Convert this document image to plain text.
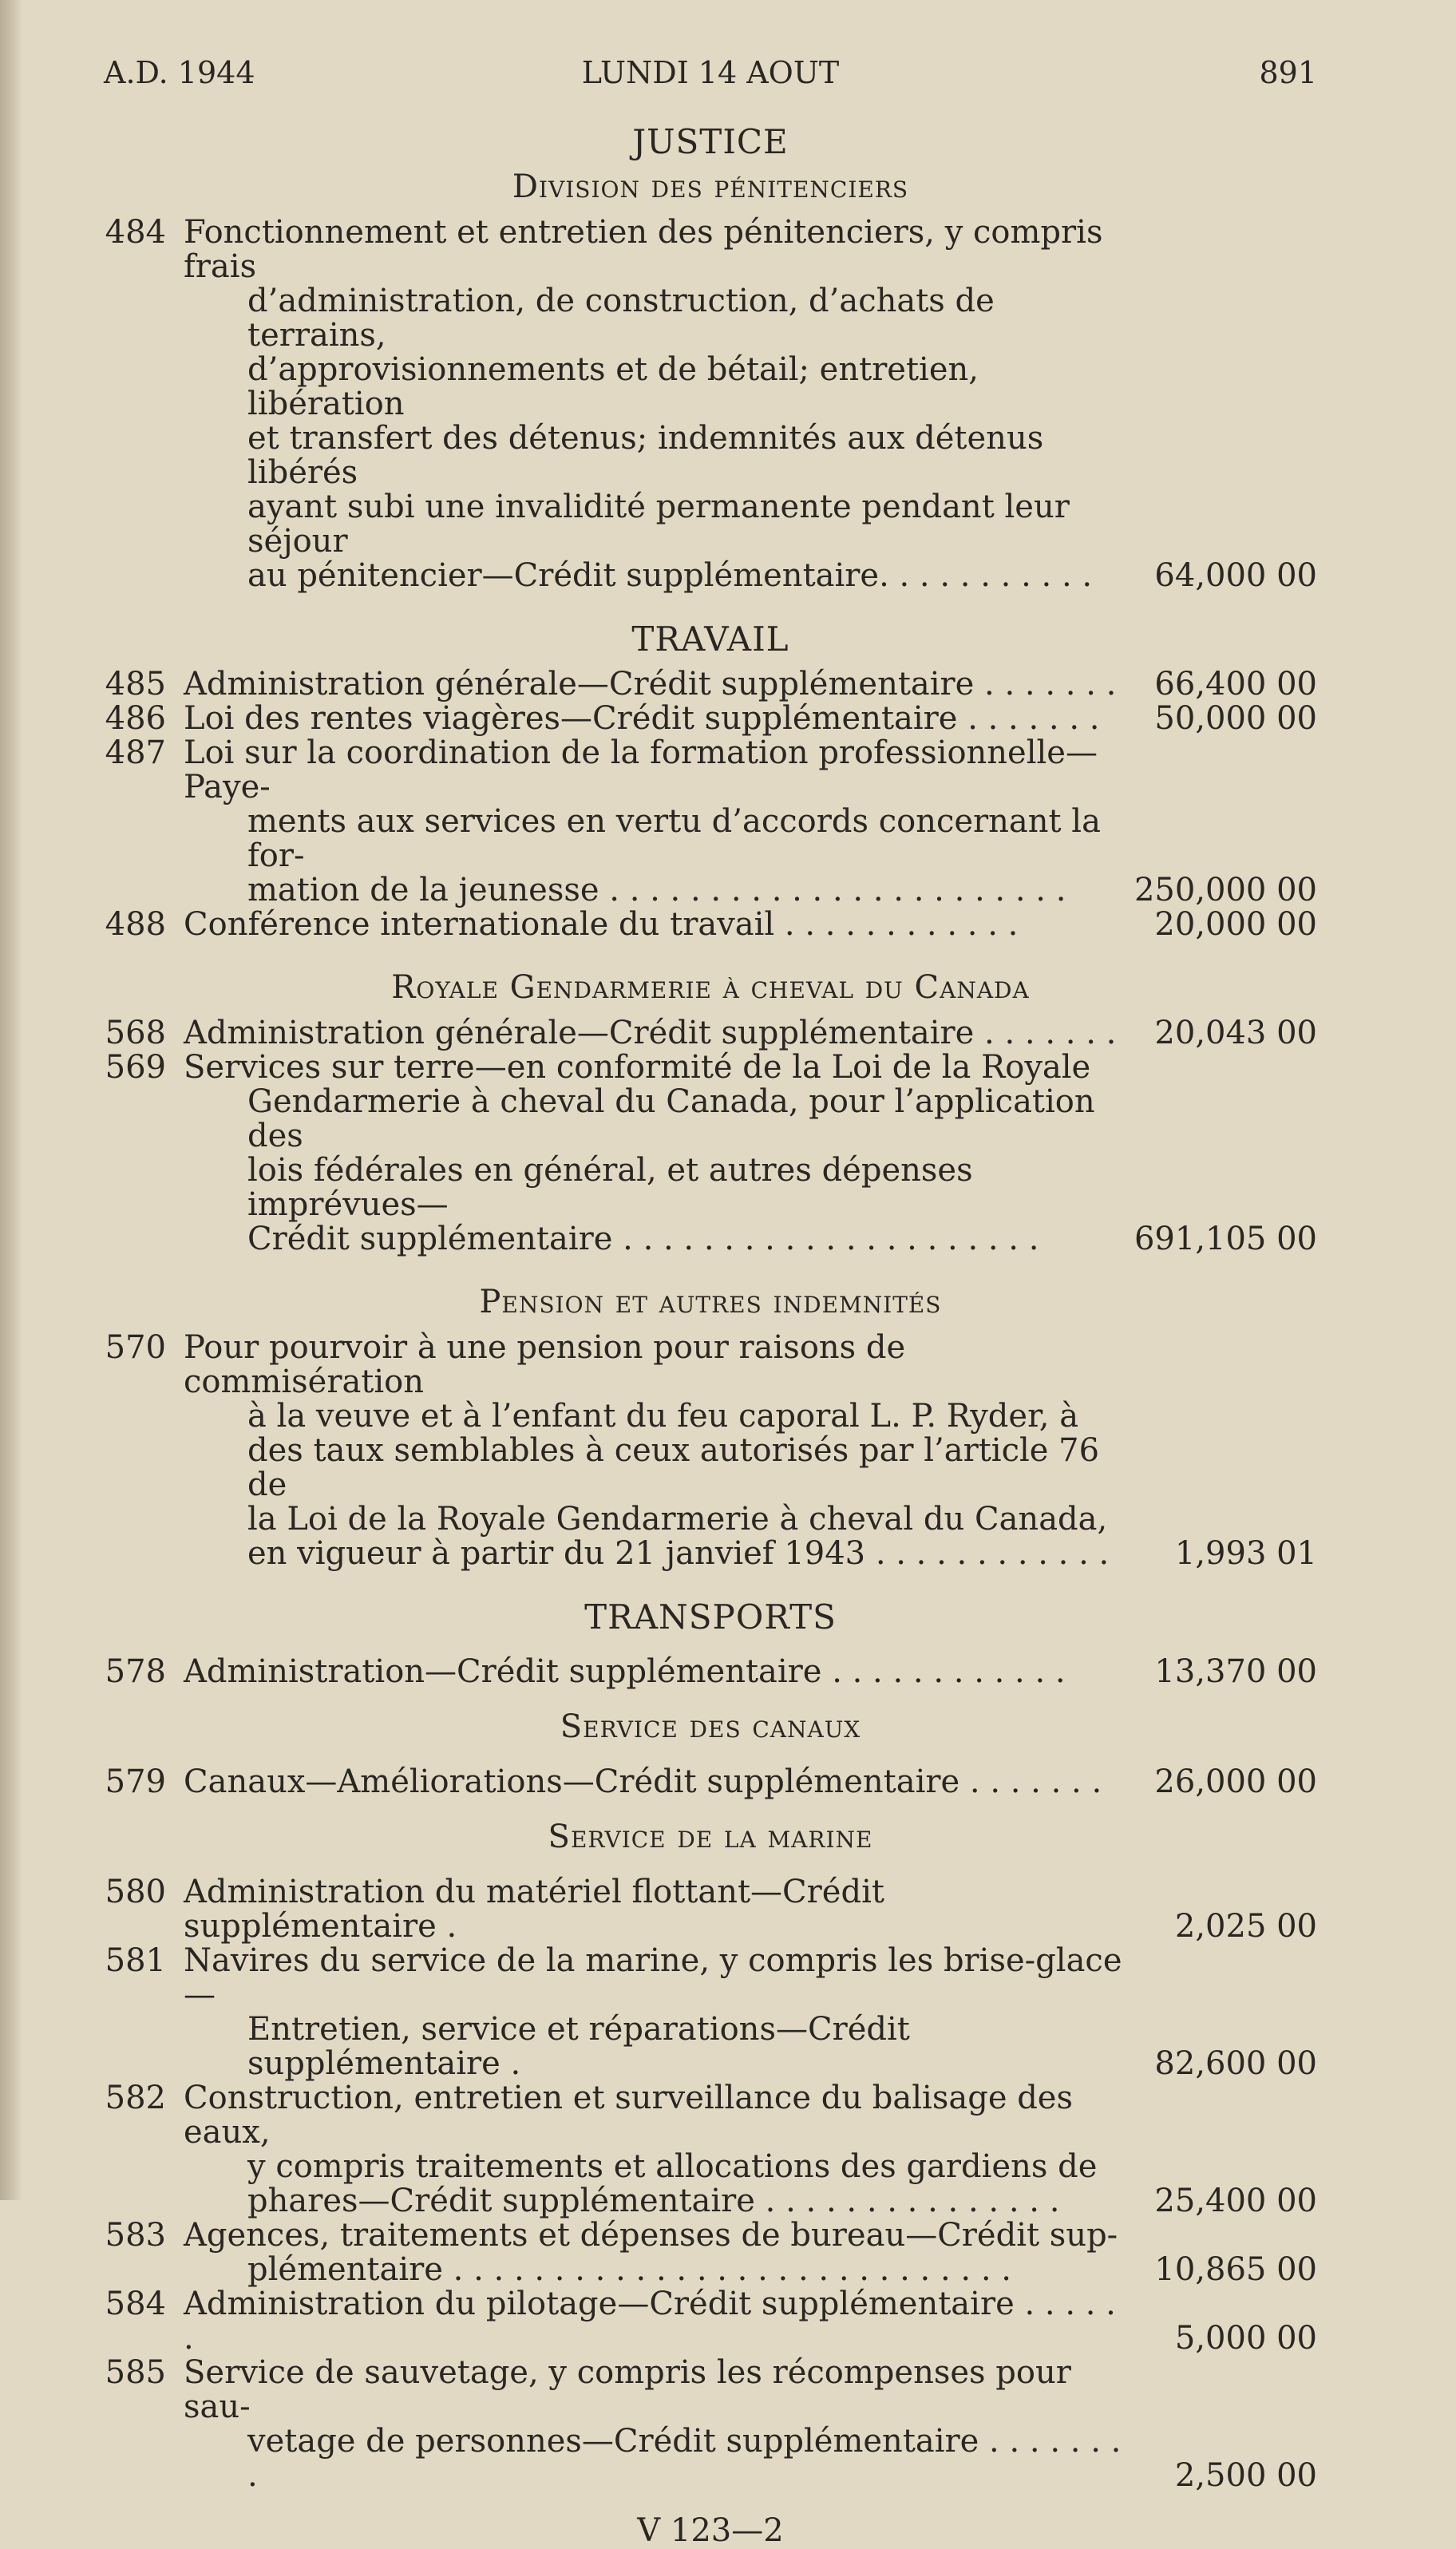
A.D. 1944	LUNDI 14 AOUT	891
JUSTICE
Division des pénitenciers
484 Fonctionnement et entretien des pénitenciers, y compris frais
d’administration, de construction, d’achats de terrains,
d’approvisionnements et de bétail; entretien, libération
et transfert des détenus; indemnités aux détenus libérés
ayant subi une invalidité permanente pendant leur séjour
au pénitencier—Crédit supplémentaire. . . . . . . . . . .	64,000 00
TRAVAIL
485 Administration générale—Crédit supplémentaire . . . . . . .	66,400 00
486 Loi des rentes viagères—Crédit supplémentaire . . . . . . .	50,000 00
487 Loi sur la coordination de la formation professionnelle—Paye-
ments aux services en vertu d’accords concernant la for-
mation de la jeunesse . . . . . . . . . . . . . . . . . . . . . . .	250,000 00
488 Conférence internationale du travail . . . . . . . . . . . .	20,000 00
Royale Gendarmerie à cheval du Canada
568 Administration générale—Crédit supplémentaire . . . . . . .	20,043 00
569 Services sur terre—en conformité de la Loi de la Royale
Gendarmerie à cheval du Canada, pour l’application des
lois fédérales en général, et autres dépenses imprévues—
Crédit supplémentaire . . . . . . . . . . . . . . . . . . . . .	691,105 00
Pension et autres indemnités
570 Pour pourvoir à une pension pour raisons de commisération
à la veuve et à l’enfant du feu caporal L. P. Ryder, à
des taux semblables à ceux autorisés par l’article 76 de
la Loi de la Royale Gendarmerie à cheval du Canada,
en vigueur à partir du 21 janvief 1943 . . . . . . . . . . . .	1,993 01
TRANSPORTS
578 Administration—Crédit supplémentaire . . . . . . . . . . . .	13,370 00
Service des canaux
579 Canaux—Améliorations—Crédit supplémentaire . . . . . . .	26,000 00
Service de la marine
580 Administration du matériel flottant—Crédit supplémentaire .	2,025 00
581 Navires du service de la marine, y compris les brise-glace—
Entretien, service et réparations—Crédit supplémentaire .	82,600 00
582 Construction, entretien et surveillance du balisage des eaux,
y compris traitements et allocations des gardiens de
phares—Crédit supplémentaire . . . . . . . . . . . . . . .	25,400 00
583 Agences, traitements et dépenses de bureau—Crédit sup-
plémentaire . . . . . . . . . . . . . . . . . . . . . . . . . . . .	10,865 00
584 Administration du pilotage—Crédit supplémentaire . . . . . .	5,000 00
585 Service de sauvetage, y compris les récompenses pour sau-
vetage de personnes—Crédit supplémentaire . . . . . . . .	2,500 00
V 123—2
